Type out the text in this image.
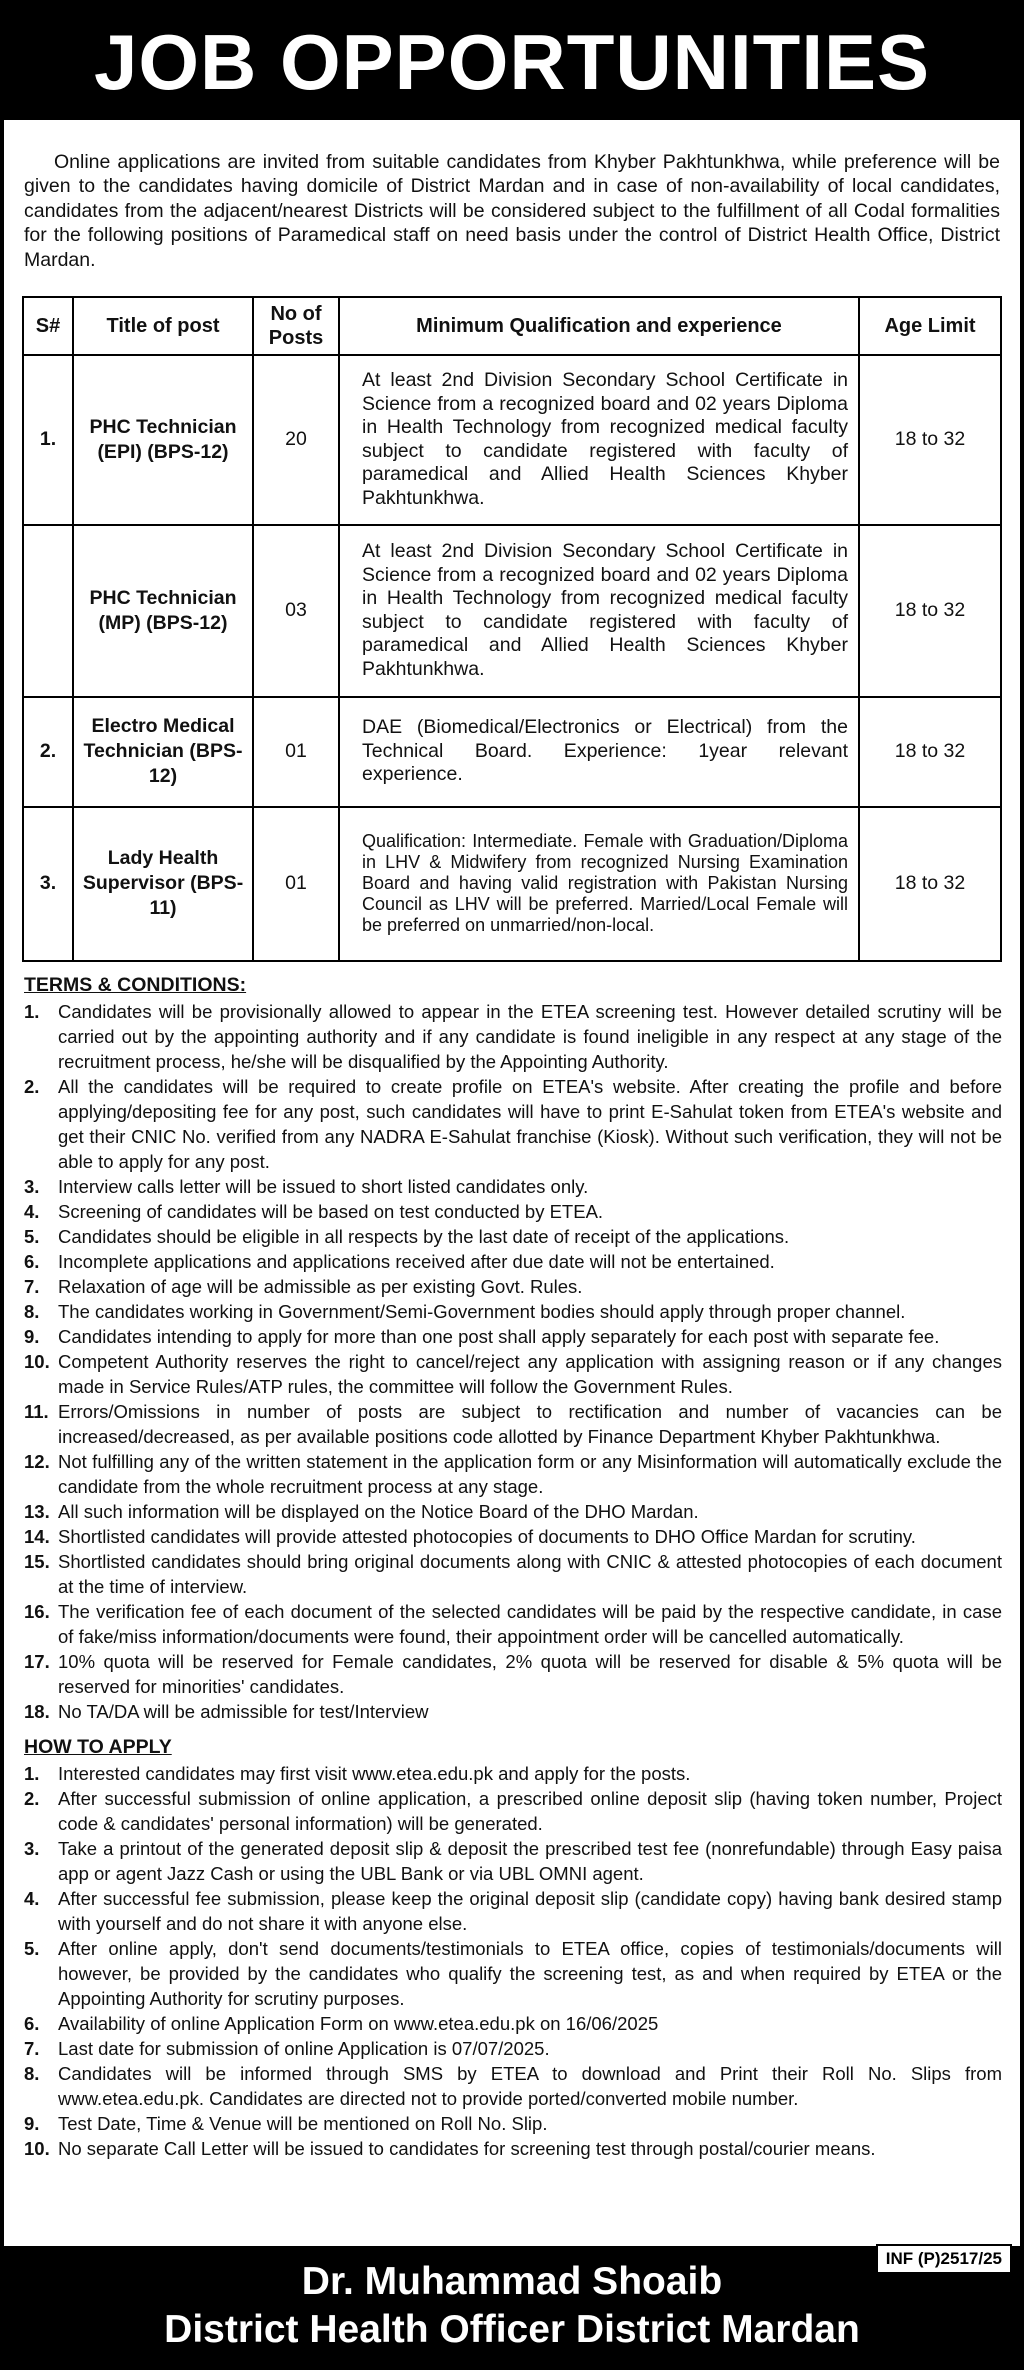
JOB OPPORTUNITIES

Online applications are invited from suitable candidates from Khyber Pakhtunkhwa, while preference will be given to the candidates having domicile of District Mardan and in case of non-availability of local candidates, candidates from the adjacent/nearest Districts will be considered subject to the fulfillment of all Codal formalities for the following positions of Paramedical staff on need basis under the control of District Health Office, District Mardan.

S#	Title of post	No of Posts	Minimum Qualification and experience	Age Limit
1.	PHC Technician (EPI) (BPS-12)	20	At least 2nd Division Secondary School Certificate in Science from a recognized board and 02 years Diploma in Health Technology from recognized medical faculty subject to candidate registered with faculty of paramedical and Allied Health Sciences Khyber Pakhtunkhwa.	18 to 32
	PHC Technician (MP) (BPS-12)	03	At least 2nd Division Secondary School Certificate in Science from a recognized board and 02 years Diploma in Health Technology from recognized medical faculty subject to candidate registered with faculty of paramedical and Allied Health Sciences Khyber Pakhtunkhwa.	18 to 32
2.	Electro Medical Technician (BPS-12)	01	DAE (Biomedical/Electronics or Electrical) from the Technical Board. Experience: 1year relevant experience.	18 to 32
3.	Lady Health Supervisor (BPS-11)	01	Qualification: Intermediate. Female with Graduation/Diploma in LHV & Midwifery from recognized Nursing Examination Board and having valid registration with Pakistan Nursing Council as LHV will be preferred. Married/Local Female will be preferred on unmarried/non-local.	18 to 32
TERMS & CONDITIONS:
1.	Candidates will be provisionally allowed to appear in the ETEA screening test. However detailed scrutiny will be carried out by the appointing authority and if any candidate is found ineligible in any respect at any stage of the recruitment process, he/she will be disqualified by the Appointing Authority.
2.	All the candidates will be required to create profile on ETEA's website. After creating the profile and before applying/depositing fee for any post, such candidates will have to print E-Sahulat token from ETEA's website and get their CNIC No. verified from any NADRA E-Sahulat franchise (Kiosk). Without such verification, they will not be able to apply for any post.
3.	Interview calls letter will be issued to short listed candidates only.
4.	Screening of candidates will be based on test conducted by ETEA.
5.	Candidates should be eligible in all respects by the last date of receipt of the applications.
6.	Incomplete applications and applications received after due date will not be entertained.
7.	Relaxation of age will be admissible as per existing Govt. Rules.
8.	The candidates working in Government/Semi-Government bodies should apply through proper channel.
9.	Candidates intending to apply for more than one post shall apply separately for each post with separate fee.
10. Competent Authority reserves the right to cancel/reject any application with assigning reason or if any changes made in Service Rules/ATP rules, the committee will follow the Government Rules.
11. Errors/Omissions in number of posts are subject to rectification and number of vacancies can be increased/decreased, as per available positions code allotted by Finance Department Khyber Pakhtunkhwa.
12. Not fulfilling any of the written statement in the application form or any Misinformation will automatically exclude the candidate from the whole recruitment process at any stage.
13. All such information will be displayed on the Notice Board of the DHO Mardan.
14. Shortlisted candidates will provide attested photocopies of documents to DHO Office Mardan for scrutiny.
15. Shortlisted candidates should bring original documents along with CNIC & attested photocopies of each document at the time of interview.
16. The verification fee of each document of the selected candidates will be paid by the respective candidate, in case of fake/miss information/documents were found, their appointment order will be cancelled automatically.
17. 10% quota will be reserved for Female candidates, 2% quota will be reserved for disable & 5% quota will be reserved for minorities' candidates.
18. No TA/DA will be admissible for test/Interview
HOW TO APPLY
1.	Interested candidates may first visit www.etea.edu.pk and apply for the posts.
2.	After successful submission of online application, a prescribed online deposit slip (having token number, Project code & candidates' personal information) will be generated.
3.	Take a printout of the generated deposit slip & deposit the prescribed test fee (nonrefundable) through Easy paisa app or agent Jazz Cash or using the UBL Bank or via UBL OMNI agent.
4.	After successful fee submission, please keep the original deposit slip (candidate copy) having bank desired stamp with yourself and do not share it with anyone else.
5.	After online apply, don't send documents/testimonials to ETEA office, copies of testimonials/documents will however, be provided by the candidates who qualify the screening test, as and when required by ETEA or the Appointing Authority for scrutiny purposes.
6.	Availability of online Application Form on www.etea.edu.pk on 16/06/2025
7.	Last date for submission of online Application is 07/07/2025.
8.	Candidates will be informed through SMS by ETEA to download and Print their Roll No. Slips from www.etea.edu.pk. Candidates are directed not to provide ported/converted mobile number.
9.	Test Date, Time & Venue will be mentioned on Roll No. Slip.
10. No separate Call Letter will be issued to candidates for screening test through postal/courier means.
INF (P)2517/25
Dr. Muhammad Shoaib
District Health Officer District Mardan
